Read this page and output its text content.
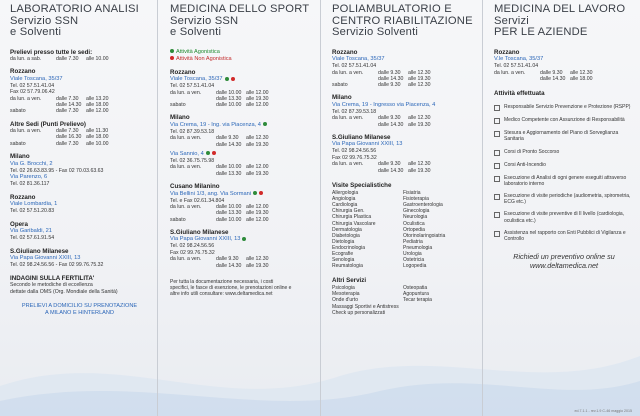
LABORATORIO ANALISI
Servizio SSN
e Solventi
Prelievi presso tutte le sedi:
da lun. a sab.	dalle 7.30	alle 10.00
Rozzano
Viale Toscana, 35/37
Tel. 02 57.51.41.04
Fax 02 57.79.06.42
da lun. a ven.	dalle 7.30	alle 13.20
dalle 14.30 alle 18.00
sabato	dalle 7.30	alle 12.00
Altre Sedi (Punti Prelievo)
da lun. a ven.	dalle 7.30	alle 11.30
dalle 16.30 alle 18.00
sabato	dalle 7.30	alle 10.00
Milano
Via G. Brocchi, 2
Tel. 02 26.63.83.95 - Fax 02 70.03.63.63
Via Parenzo, 6
Tel. 02 81.36.117
Rozzano
Viale Lombardia, 1
Tel. 02 57.51.20.83
Opera
Via Garibaldi, 21
Tel. 02 57.61.91.54
S.Giuliano Milanese
Via Papa Giovanni XXIII, 13
Tel. 02 98.24.56.56 - Fax 02 99.76.75.32
INDAGINI SULLA FERTILITA'
Secondo le metodiche di eccellenza
dettate dalla OMS (Org. Mondiale della Sanità)
PRELIEVI A DOMICILIO SU PRENOTAZIONE
A MILANO E HINTERLAND
MEDICINA DELLO SPORT
Servizio SSN
e Solventi
Attività Agonistica
Attività Non Agonistica
Rozzano
Viale Toscana, 35/37
Tel. 02 57.51.41.04
da lun. a ven.	dalle 10.00 alle 12.00
dalle 13.30 alle 19.30
sabato	dalle 10.00 alle 12.00
Milano
Via Crema, 19 - Ing. via Piacenza, 4
Tel. 02 87.39.53.18
da lun. a ven.	dalle 9.30	alle 12.30
dalle 14.30 alle 19.30
Via Sannio, 4
Tel. 02 36.75.75.98
da lun. a ven.	dalle 10.00 alle 12.00
dalle 13.30 alle 19.30
Cusano Milanino
Via Bellini 1/3, ang. Via Sormani
Tel. e Fax 02.61.34.804
da lun. a ven.	dalle 10.00 alle 12.00
dalle 13.30 alle 19.30
sabato	dalle 10.00 alle 12.00
S.Giuliano Milanese
Via Papa Giovanni XXIII, 13
Tel. 02 98.24.56.56
Fax 02 99.76.75.32
da lun. a ven.	dalle 9.30	alle 12.30
dalle 14.30 alle 19.30
Per tutta la documentazione necessaria, i costi
specifici, le fasce di esenzione, le prenotazioni online e
altre info utili consultare: www.deltamedica.net
POLIAMBULATORIO E
CENTRO RIABILITAZIONE
Servizio Solventi
Rozzano
Viale Toscana, 35/37
Tel. 02 57.51.41.04
da lun. a ven.	dalle 9.30	alle 12.30
dalle 14.30 alle 19.30
sabato	dalle 9.30	alle 12.30
Milano
Via Crema, 19 - Ingresso via Piacenza, 4
Tel. 02 87.39.53.18
da lun. a ven.	dalle 9.30	alle 12.30
dalle 14.30 alle 19.30
S.Giuliano Milanese
Via Papa Giovanni XXIII, 13
Tel. 02 98.24.56.56
Fax 02 99.76.75.32
da lun. a ven.	dalle 9.30	alle 12.30
dalle 14.30 alle 19.30
Visite Specialistiche
Allergologia
Angiologia
Cardiologia
Chirurgia Gen.
Chirurgia Plastica
Chirurgia Vascolare
Dermatologia
Diabetologia
Dietologia
Endocrinologia
Ecografie
Senologia
Reumatologia
Fisiatria
Fisioterapia
Gastroenterologia
Ginecologia
Neurologia
Oculistica
Ortopedia
Otorinolaringoiatria
Pediatria
Pneumologia
Urologia
Ostetricia
Logopedia
Altri Servizi
Psicologia
Mesoterapia
Onde d'urto
Massaggi Sportivi e Antistress
Check up personalizzati
Osteopatia
Agopuntura
Tecar terapia
MEDICINA DEL LAVORO
Servizi
PER LE AZIENDE
Rozzano
V.le Toscana, 35/37
Tel. 02 57.51.41.04
da lun. a ven.	dalle 9.30	alle 12.30
dalle 14.30 alle 18.00
Attività effettuata
Responsabile Servizio Prevenzione e Protezione (RSPP)
Medico Competente con Assunzione di Responsabilità
Stesura e Aggiornamento del Piano di Sorveglianza Sanitaria
Corsi di Pronto Soccorso
Corsi Anti-Incendio
Esecuzione di Analisi di ogni genere eseguiti attraverso laboratorio interno
Esecuzione di visite periodiche (audiometria, spirometria, ECG etc.)
Esecuzione di visite preventive di Il livello (cardiologia, oculistica etc.)
Assistenza nel rapporto con Enti Pubblici di Vigilanza e Controllo
Richiedi un preventivo online su
www.deltamedica.net
ed.7.1.1 - rev.1.9 C-46 maggio 2015
